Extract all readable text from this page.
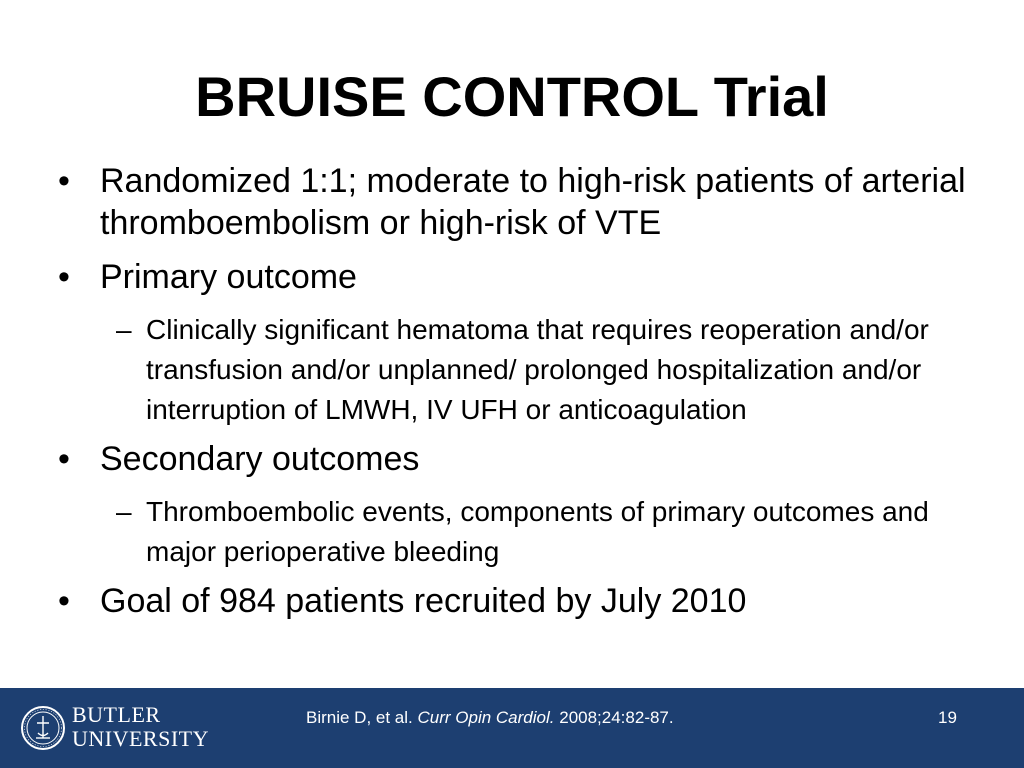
BRUISE CONTROL Trial
• Randomized 1:1; moderate to high-risk patients of arterial thromboembolism or high-risk of VTE
• Primary outcome
– Clinically significant hematoma that requires reoperation and/or transfusion and/or unplanned/ prolonged hospitalization and/or interruption of LMWH, IV UFH or anticoagulation
• Secondary outcomes
– Thromboembolic events, components of primary outcomes and major perioperative bleeding
• Goal of 984 patients recruited by July 2010
BUTLER
UNIVERSITY
Birnie D, et al. Curr Opin Cardiol. 2008;24:82-87.	19
